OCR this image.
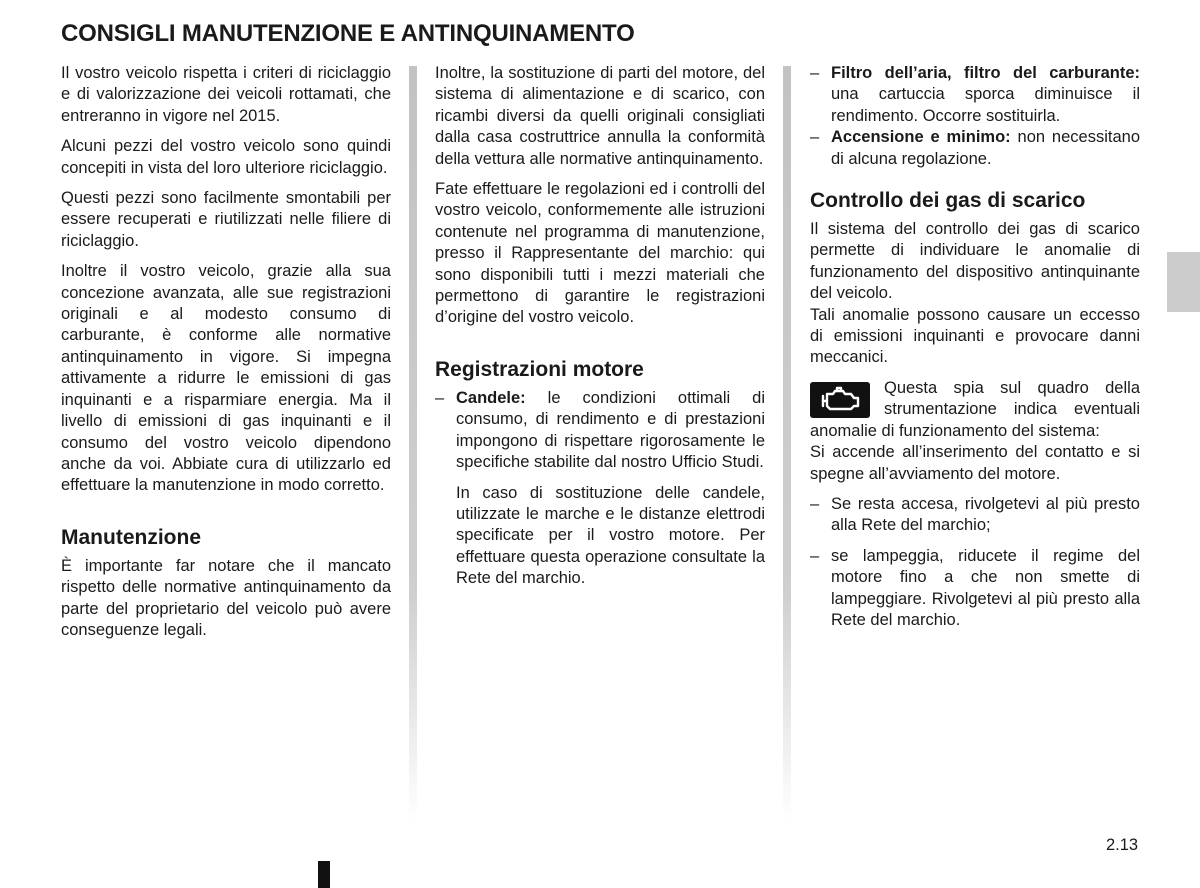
CONSIGLI MANUTENZIONE E ANTINQUINAMENTO

Il vostro veicolo rispetta i criteri di riciclaggio e di valorizzazione dei veicoli rottamati, che entreranno in vigore nel 2015.

Alcuni pezzi del vostro veicolo sono quindi concepiti in vista del loro ulteriore riciclaggio.

Questi pezzi sono facilmente smontabili per essere recuperati e riutilizzati nelle filiere di riciclaggio.

Inoltre il vostro veicolo, grazie alla sua concezione avanzata, alle sue registrazioni originali e al modesto consumo di carburante, è conforme alle normative antinquinamento in vigore. Si impegna attivamente a ridurre le emissioni di gas inquinanti e a risparmiare energia. Ma il livello di emissioni di gas inquinanti e il consumo del vostro veicolo dipendono anche da voi. Abbiate cura di utilizzarlo ed effettuare la manutenzione in modo corretto.

Manutenzione

È importante far notare che il mancato rispetto delle normative antinquinamento da parte del proprietario del veicolo può avere conseguenze legali.

Inoltre, la sostituzione di parti del motore, del sistema di alimentazione e di scarico, con ricambi diversi da quelli originali consigliati dalla casa costruttrice annulla la conformità della vettura alle normative antinquinamento.

Fate effettuare le regolazioni ed i controlli del vostro veicolo, conformemente alle istruzioni contenute nel programma di manutenzione, presso il Rappresentante del marchio: qui sono disponibili tutti i mezzi materiali che permettono di garantire le registrazioni d’origine del vostro veicolo.

Registrazioni motore
– Candele: le condizioni ottimali di consumo, di rendimento e di prestazioni impongono di rispettare rigorosamente le specifiche stabilite dal nostro Ufficio Studi.

In caso di sostituzione delle candele, utilizzate le marche e le distanze elettrodi specificate per il vostro motore. Per effettuare questa operazione consultate la Rete del marchio.

– Filtro dell’aria, filtro del carburante: una cartuccia sporca diminuisce il rendimento. Occorre sostituirla.
– Accensione e minimo: non necessitano di alcuna regolazione.
Controllo dei gas di scarico

Il sistema del controllo dei gas di scarico permette di individuare le anomalie di funzionamento del dispositivo antinquinante del veicolo.

Tali anomalie possono causare un eccesso di emissioni inquinanti e provocare danni meccanici.

Questa spia sul quadro della strumentazione indica eventuali anomalie di funzionamento del sistema:

Si accende all’inserimento del contatto e si spegne all’avviamento del motore.

– Se resta accesa, rivolgetevi al più presto alla Rete del marchio;
– se lampeggia, riducete il regime del motore fino a che non smette di lampeggiare. Rivolgetevi al più presto alla Rete del marchio.
2.13
